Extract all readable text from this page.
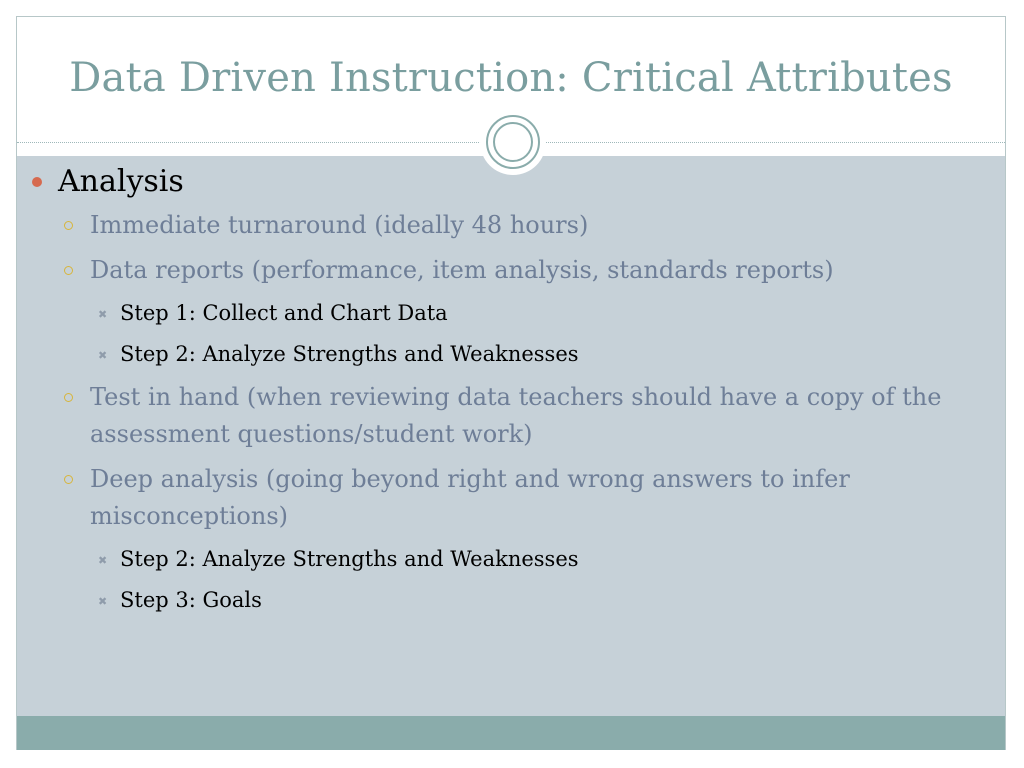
Data Driven Instruction: Critical Attributes
Analysis
Immediate turnaround (ideally 48 hours)
Data reports (performance, item analysis, standards reports)
✖
Step 1: Collect and Chart Data
✖
Step 2: Analyze Strengths and Weaknesses
Test in hand (when reviewing data teachers should have a copy of the assessment questions/student work)
Deep analysis (going beyond right and wrong answers to infer misconceptions)
✖
Step 2: Analyze Strengths and Weaknesses
✖
Step 3: Goals
